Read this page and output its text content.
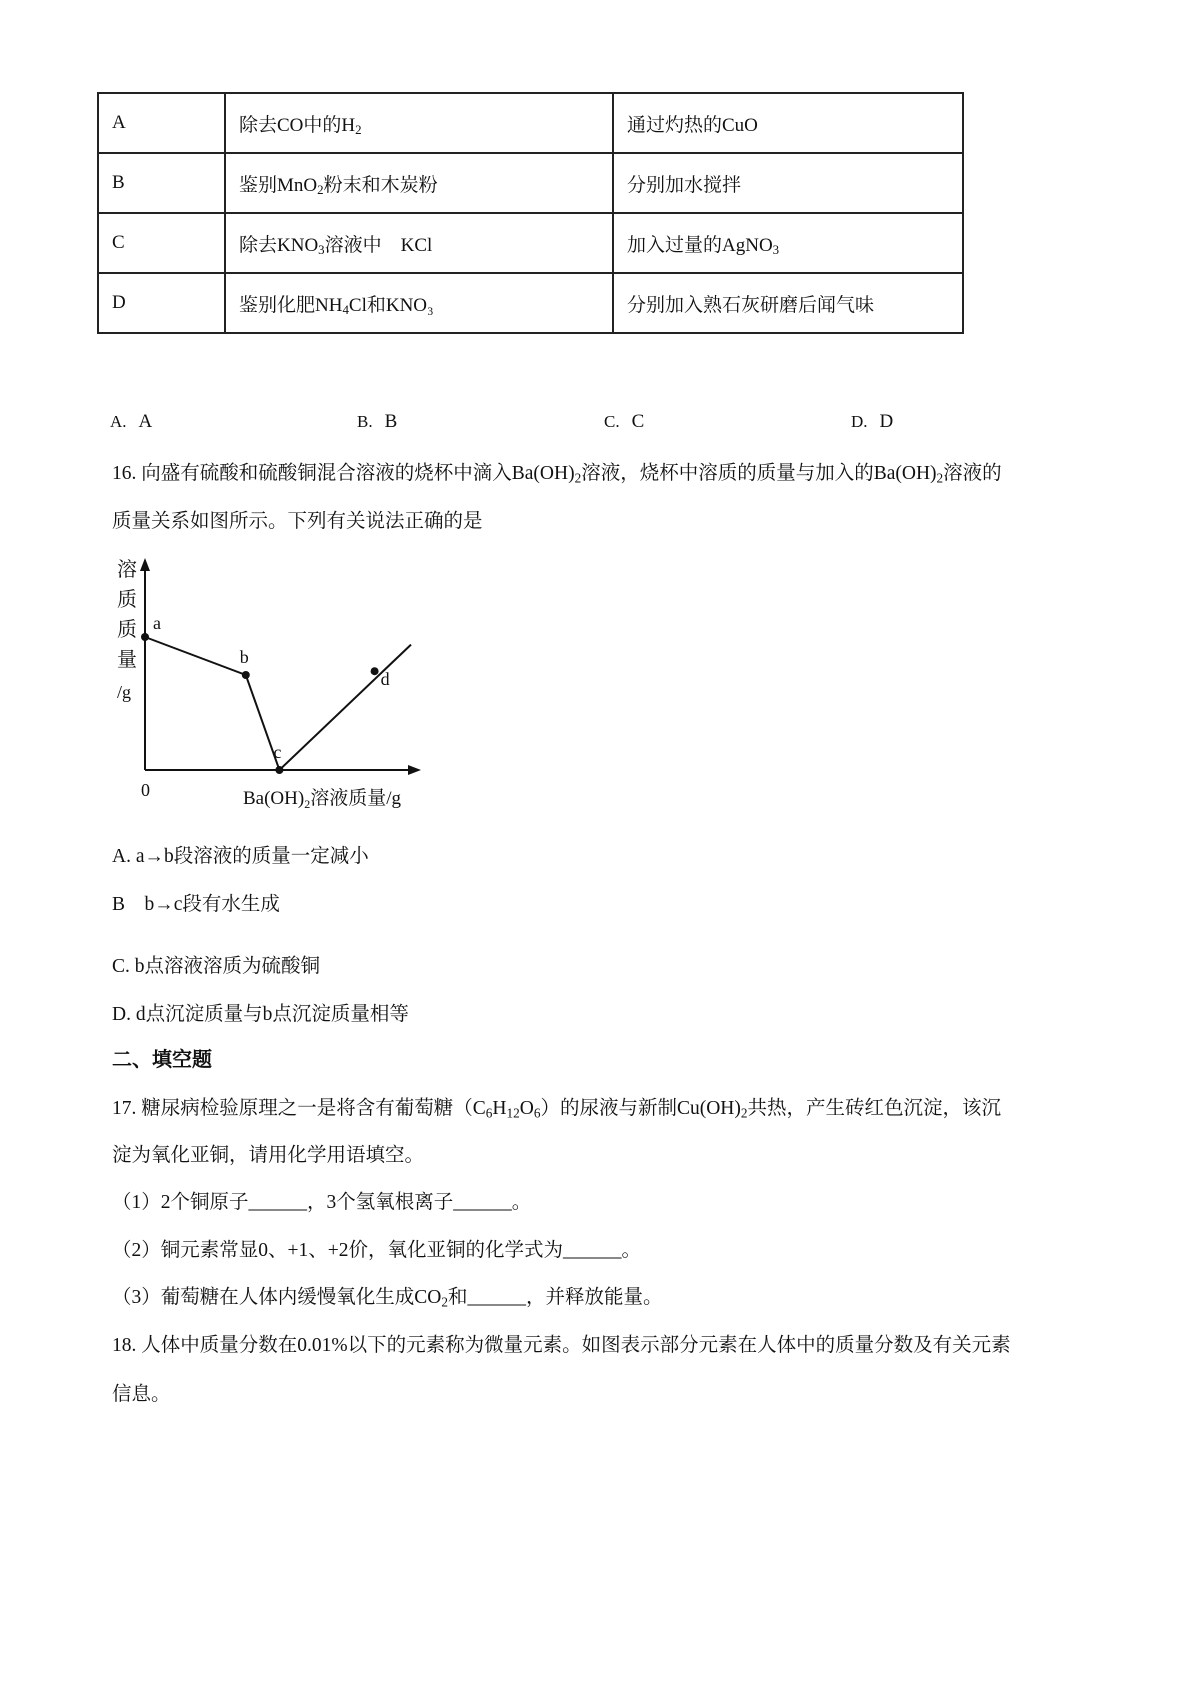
A	除去CO中的$H_2$	通过灼热的CuO
B	鉴别MnO$_2$粉末和木炭粉	分别加水搅拌
C	除去$KNO_3$溶液中　KCl	加入过量的AgNO$_3$
D	鉴别化肥$NH_4Cl$和KNO₃	分别加入熟石灰研磨后闻气味
A. A	B. B	C. C	D. D
16. 向盛有硫酸和硫酸铜混合溶液的烧杯中滴入$Ba(OH)_2$溶液，烧杯中溶质的质量与加入的$Ba(OH)_2$溶液的
质量关系如图所示。下列有关说法正确的是
溶
质
质
量
/g
0	$Ba(OH)_2$溶液质量/g
a
b
c
d
A. a→b段溶液的质量一定减小
B　b→c段有水生成
C. b点溶液溶质为硫酸铜
D. d点沉淀质量与b点沉淀质量相等
二、填空题
17. 糖尿病检验原理之一是将含有葡萄糖$(C_6H_{12}O_6)$的尿液与新制$Cu(OH)_2$共热，产生砖红色沉淀，该沉
淀为氧化亚铜，请用化学用语填空。
（1）2个铜原子______，3个氢氧根离子______。
（2）铜元素常显0、+1、+2价，氧化亚铜的化学式为______。
（3）葡萄糖在人体内缓慢氧化生成$CO_2$和______，并释放能量。
18. 人体中质量分数在0.01%以下的元素称为微量元素。如图表示部分元素在人体中的质量分数及有关元素
信息。
